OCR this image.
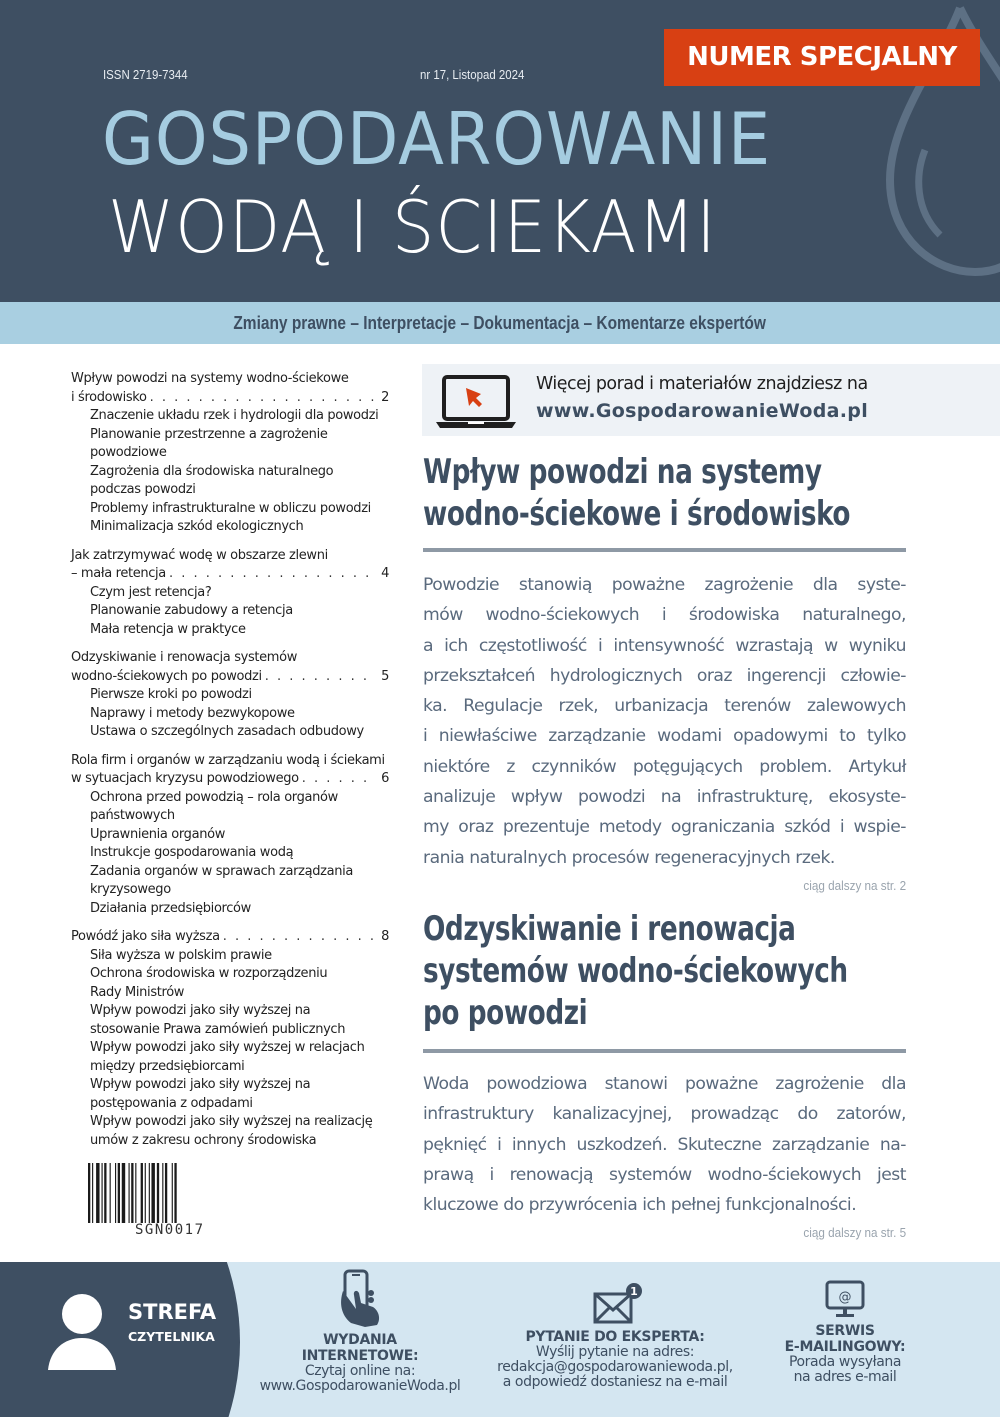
NUMER SPECJALNY
ISSN 2719-7344	nr 17, Listopad 2024
GOSPODAROWANIE
WODĄ I ŚCIEKAMI
Zmiany prawne – Interpretacje – Dokumentacja – Komentarze ekspertów
Wpływ powodzi na systemy wodno-ściekowe
i środowisko . . .	2
Znaczenie układu rzek i hydrologii dla powodzi
Planowanie przestrzenne a zagrożenie
powodziowe
Zagrożenia dla środowiska naturalnego
podczas powodzi
Problemy infrastrukturalne w obliczu powodzi
Minimalizacja szkód ekologicznych
Jak zatrzymywać wodę w obszarze zlewni
– mała retencja . . .	4
Czym jest retencja?
Planowanie zabudowy a retencja
Mała retencja w praktyce
Odzyskiwanie i renowacja systemów
wodno-ściekowych po powodzi . . .	5
Pierwsze kroki po powodzi
Naprawy i metody bezwykopowe
Ustawa o szczególnych zasadach odbudowy
Rola firm i organów w zarządzaniu wodą i ściekami
w sytuacjach kryzysu powodziowego . . .	6
Ochrona przed powodzią – rola organów
państwowych
Uprawnienia organów
Instrukcje gospodarowania wodą
Zadania organów w sprawach zarządzania
kryzysowego
Działania przedsiębiorców
Powódź jako siła wyższa . . .	8
Siła wyższa w polskim prawie
Ochrona środowiska w rozporządzeniu
Rady Ministrów
Wpływ powodzi jako siły wyższej na
stosowanie Prawa zamówień publicznych
Wpływ powodzi jako siły wyższej w relacjach
między przedsiębiorcami
Wpływ powodzi jako siły wyższej na
postępowania z odpadami
Wpływ powodzi jako siły wyższej na realizację
umów z zakresu ochrony środowiska
SGN0017
Więcej porad i materiałów znajdziesz na
www.GospodarowanieWoda.pl
Wpływ powodzi na systemy
wodno-ściekowe i środowisko
Powodzie stanowią poważne zagrożenie dla syste-
mów wodno-ściekowych i środowiska naturalnego,
a ich częstotliwość i intensywność wzrastają w wyniku
przekształceń hydrologicznych oraz ingerencji człowie-
ka. Regulacje rzek, urbanizacja terenów zalewowych
i niewłaściwe zarządzanie wodami opadowymi to tylko
niektóre z czynników potęgujących problem. Artykuł
analizuje wpływ powodzi na infrastrukturę, ekosyste-
my oraz prezentuje metody ograniczania szkód i wspie-
rania naturalnych procesów regeneracyjnych rzek.
ciąg dalszy na str. 2
Odzyskiwanie i renowacja
systemów wodno-ściekowych
po powodzi
Woda powodziowa stanowi poważne zagrożenie dla
infrastruktury kanalizacyjnej, prowadząc do zatorów,
pęknięć i innych uszkodzeń. Skuteczne zarządzanie na-
prawą i renowacją systemów wodno-ściekowych jest
kluczowe do przywrócenia ich pełnej funkcjonalności.
ciąg dalszy na str. 5
STREFA
CZYTELNIKA	WYDANIA
INTERNETOWE:
Czytaj online na:
www.GospodarowanieWoda.pl
1
PYTANIE DO EKSPERTA:
Wyślij pytanie na adres:
redakcja@gospodarowaniewoda.pl,
a odpowiedź dostaniesz na e-mail
@
SERWIS
E-MAILINGOWY:
Porada wysyłana
na adres e-mail
